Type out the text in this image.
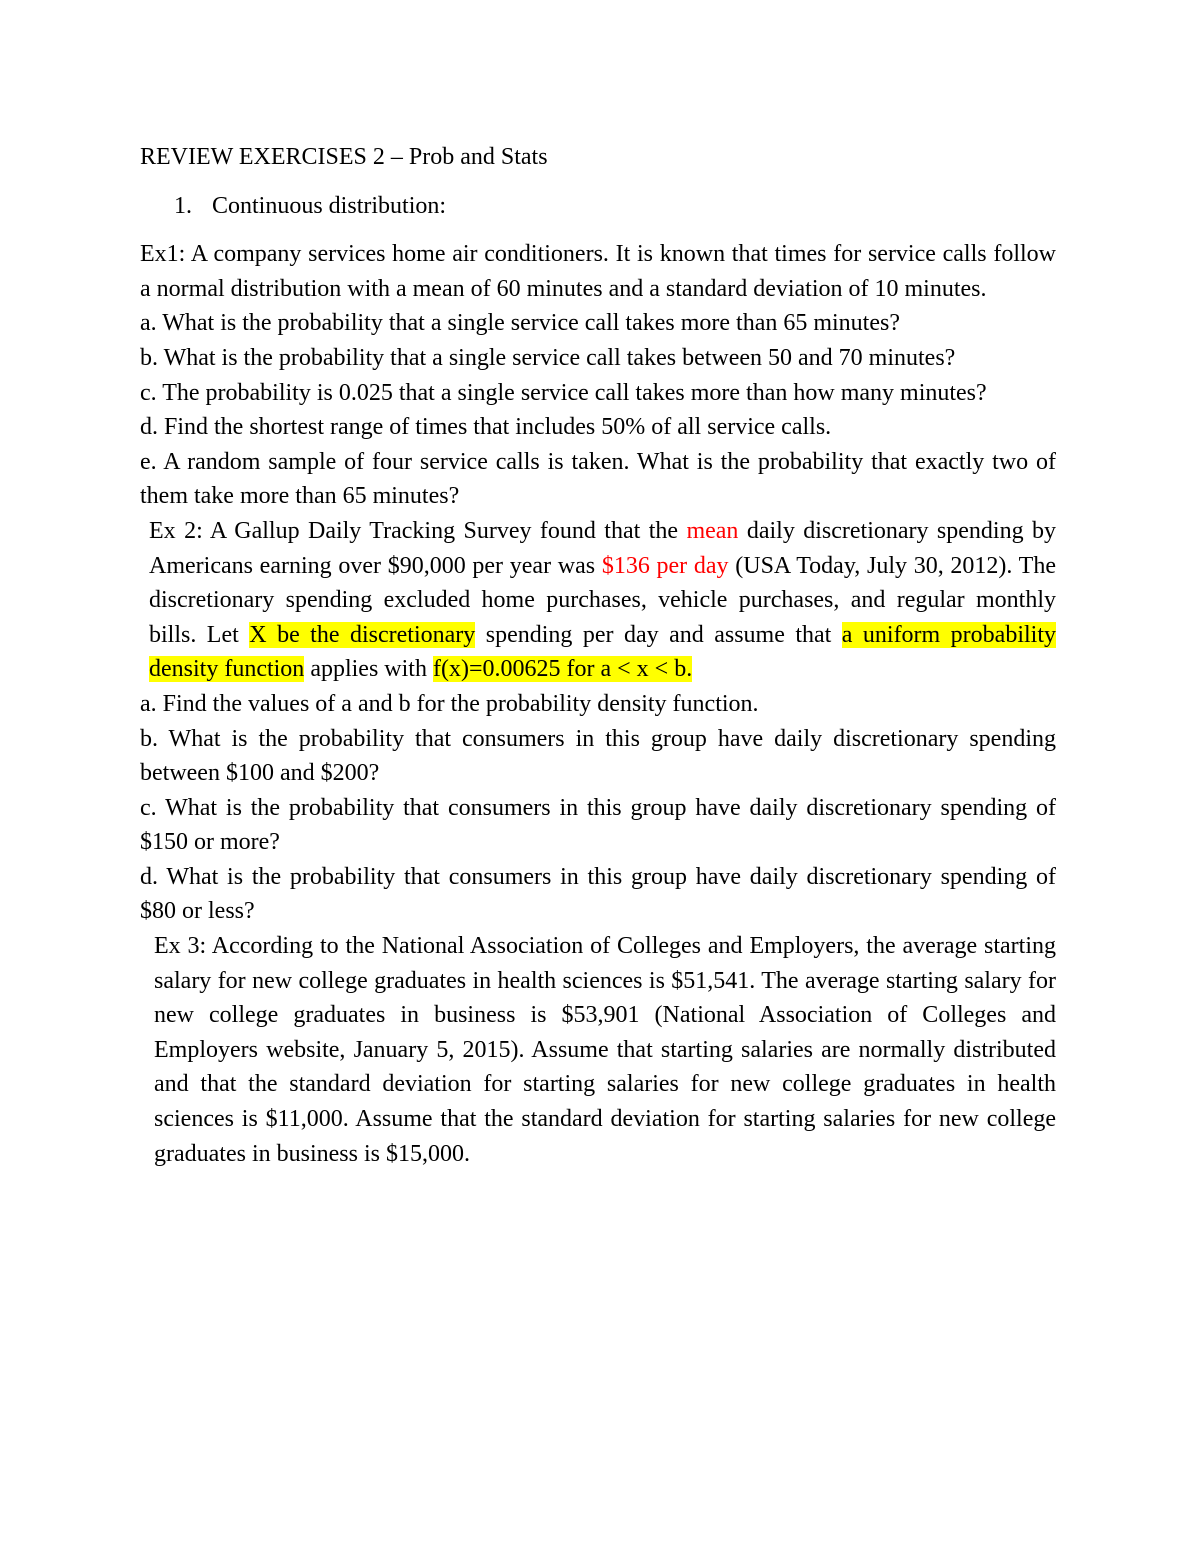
REVIEW EXERCISES 2 – Prob and Stats
1. Continuous distribution:

Ex1: A company services home air conditioners. It is known that times for service calls follow a normal distribution with a mean of 60 minutes and a standard deviation of 10 minutes.

a. What is the probability that a single service call takes more than 65 minutes?

b. What is the probability that a single service call takes between 50 and 70 minutes?

c. The probability is 0.025 that a single service call takes more than how many minutes?

d. Find the shortest range of times that includes 50% of all service calls.

e. A random sample of four service calls is taken. What is the probability that exactly two of them take more than 65 minutes?

Ex 2: A Gallup Daily Tracking Survey found that the mean daily discretionary spending by Americans earning over $90,000 per year was $136 per day (USA Today, July 30, 2012). The discretionary spending excluded home purchases, vehicle purchases, and regular monthly bills. Let X be the discretionary spending per day and assume that a uniform probability density function applies with f(x)=0.00625 for a < x < b.

a. Find the values of a and b for the probability density function.

b. What is the probability that consumers in this group have daily discretionary spending between $100 and $200?

c. What is the probability that consumers in this group have daily discretionary spending of $150 or more?

d. What is the probability that consumers in this group have daily discretionary spending of $80 or less?

Ex 3: According to the National Association of Colleges and Employers, the average starting salary for new college graduates in health sciences is $51,541. The average starting salary for new college graduates in business is $53,901 (National Association of Colleges and Employers website, January 5, 2015). Assume that starting salaries are normally distributed and that the standard deviation for starting salaries for new college graduates in health sciences is $11,000. Assume that the standard deviation for starting salaries for new college graduates in business is $15,000.
